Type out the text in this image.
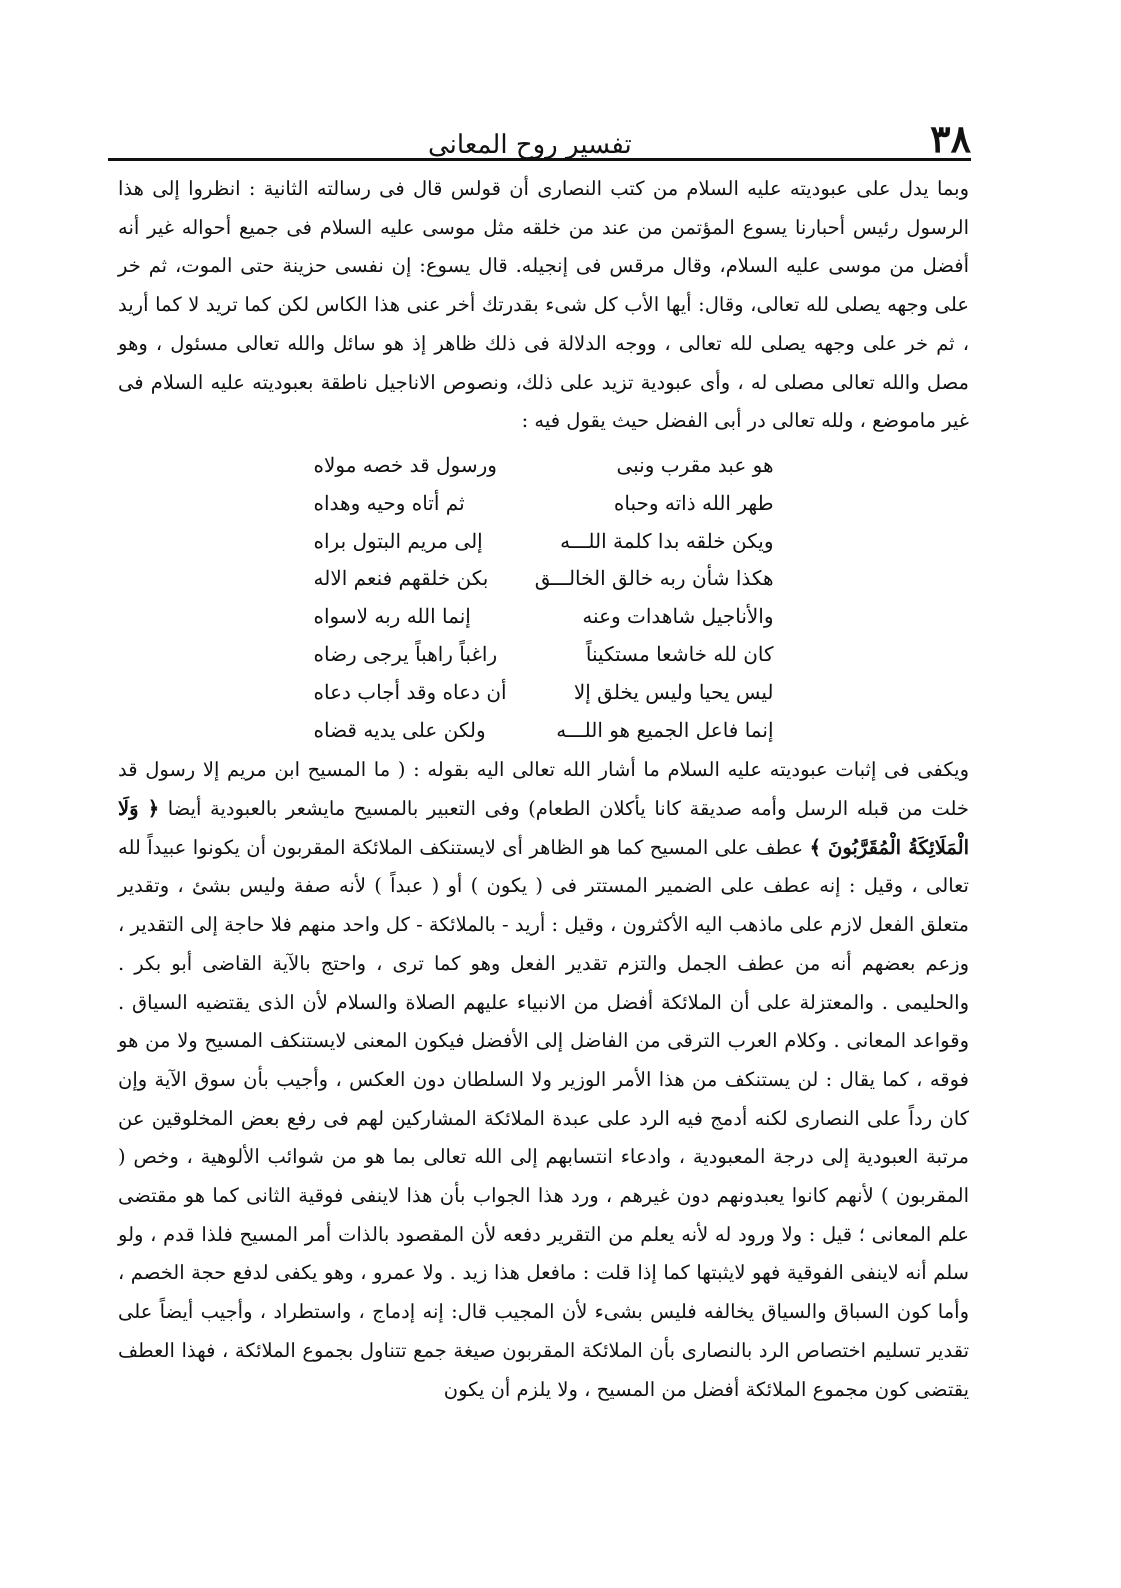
٣٨
تفسير روح المعانى

وبما يدل على عبوديته عليه السلام من كتب النصارى أن قولس قال فى رسالته الثانية : انظروا إلى هذا الرسول رئيس أحبارنا يسوع المؤتمن من عند من خلقه مثل موسى عليه السلام فى جميع أحواله غير أنه أفضل من موسى عليه السلام، وقال مرقس فى إنجيله. قال يسوع: إن نفسى حزينة حتى الموت، ثم خر على وجهه يصلى لله تعالى، وقال: أيها الأب كل شىء بقدرتك أخر عنى هذا الكاس لكن كما تريد لا كما أريد ، ثم خر على وجهه يصلى لله تعالى ، ووجه الدلالة فى ذلك ظاهر إذ هو سائل والله تعالى مسئول ، وهو مصل والله تعالى مصلى له ، وأى عبودية تزيد على ذلك، ونصوص الاناجيل ناطقة بعبوديته عليه السلام فى غير ماموضع ، ولله تعالى در أبى الفضل حيث يقول فيه :

هو عبد مقرب ونبى
ورسول قد خصه مولاه
طهر الله ذاته وحباه
ثم أتاه وحيه وهداه
ويكن خلقه بدا كلمة اللـــه
إلى مريم البتول براه
هكذا شأن ربه خالق الخالـــق
بكن خلقهم فنعم الاله
والأناجيل شاهدات وعنه
إنما الله ربه لاسواه
كان لله خاشعا مستكيناً
راغباً راهباً يرجى رضاه
ليس يحيا وليس يخلق إلا
أن دعاه وقد أجاب دعاه
إنما فاعل الجميع هو اللـــه
ولكن على يديه قضاه

ويكفى فى إثبات عبوديته عليه السلام ما أشار الله تعالى اليه بقوله : ( ما المسيح ابن مريم إلا رسول قد خلت من قبله الرسل وأمه صديقة كانا يأكلان الطعام) وفى التعبير بالمسيح مايشعر بالعبودية أيضا ﴿ وَلَا الْمَلَائِكَةُ الْمُقَرَّبُونَ ﴾ عطف على المسيح كما هو الظاهر أى لايستنكف الملائكة المقربون أن يكونوا عبيداً لله تعالى ، وقيل : إنه عطف على الضمير المستتر فى ( يكون ) أو ( عبداً ) لأنه صفة وليس بشئ ، وتقدير متعلق الفعل لازم على ماذهب اليه الأكثرون ، وقيل : أريد - بالملائكة - كل واحد منهم فلا حاجة إلى التقدير ، وزعم بعضهم أنه من عطف الجمل والتزم تقدير الفعل وهو كما ترى ، واحتج بالآية القاضى أبو بكر . والحليمى . والمعتزلة على أن الملائكة أفضل من الانبياء عليهم الصلاة والسلام لأن الذى يقتضيه السياق . وقواعد المعانى . وكلام العرب الترقى من الفاضل إلى الأفضل فيكون المعنى لايستنكف المسيح ولا من هو فوقه ، كما يقال : لن يستنكف من هذا الأمر الوزير ولا السلطان دون العكس ، وأجيب بأن سوق الآية وإن كان رداً على النصارى لكنه أدمج فيه الرد على عبدة الملائكة المشاركين لهم فى رفع بعض المخلوقين عن مرتبة العبودية إلى درجة المعبودية ، وادعاء انتسابهم إلى الله تعالى بما هو من شوائب الألوهية ، وخص ( المقربون ) لأنهم كانوا يعبدونهم دون غيرهم ، ورد هذا الجواب بأن هذا لاينفى فوقية الثانى كما هو مقتضى علم المعانى ؛ قيل : ولا ورود له لأنه يعلم من التقرير دفعه لأن المقصود بالذات أمر المسيح فلذا قدم ، ولو سلم أنه لاينفى الفوقية فهو لايثبتها كما إذا قلت : مافعل هذا زيد . ولا عمرو ، وهو يكفى لدفع حجة الخصم ، وأما كون السباق والسياق يخالفه فليس بشىء لأن المجيب قال: إنه إدماج ، واستطراد ، وأجيب أيضاً على تقدير تسليم اختصاص الرد بالنصارى بأن الملائكة المقربون صيغة جمع تتناول بجموع الملائكة ، فهذا العطف يقتضى كون مجموع الملائكة أفضل من المسيح ، ولا يلزم أن يكون
